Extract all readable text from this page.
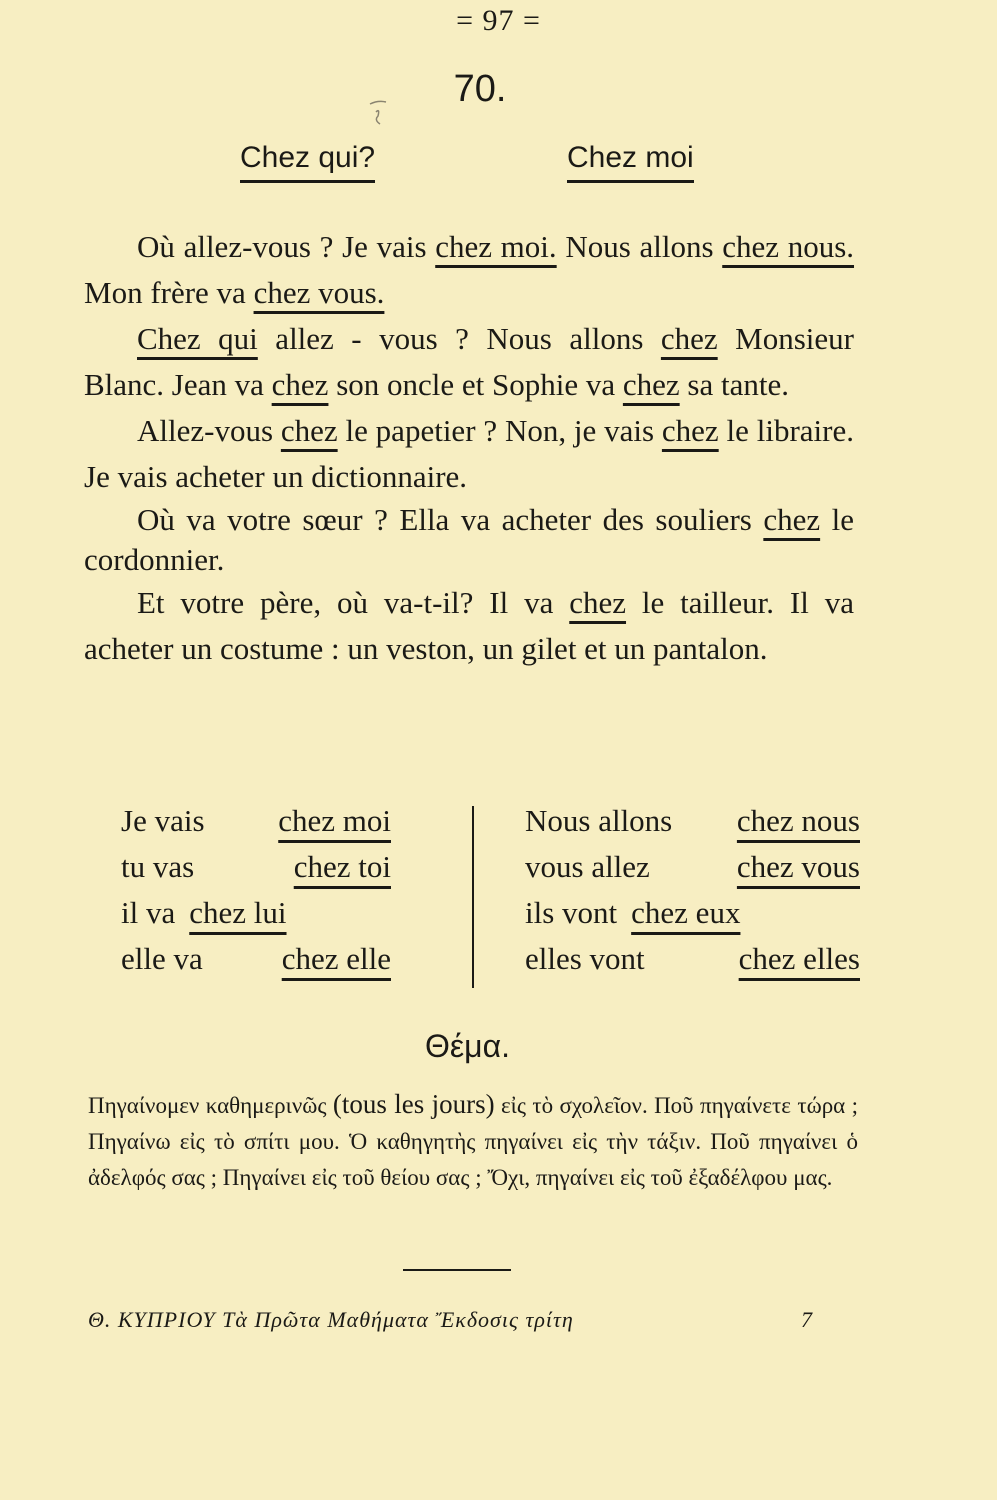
= 97 =
70.
Chez qui?	Chez moi

Où allez-vous ? Je vais chez moi. Nous allons chez nous. Mon frère va chez vous.

Chez qui allez - vous ? Nous allons chez Monsieur Blanc. Jean va chez son oncle et Sophie va chez sa tante.

Allez-vous chez le papetier ? Non, je vais chez le libraire. Je vais acheter un dictionnaire.

Où va votre sœur ? Ella va acheter des souliers chez le cordonnier.

Et votre père, où va-t-il? Il va chez le tailleur. Il va acheter un costume : un veston, un gilet et un pantalon.

Je vais chez moi
tu vas	chez toi
il va chez lui
elle va	chez elle
Nous allons chez nous
vous allez	chez vous
ils vont chez eux
elles vont	chez elles
Θέμα.
Πηγαίνομεν καθημερινῶς (tous les jours) εἰς τὸ σχολεῖον. Ποῦ πηγαίνετε τώρα ; Πηγαίνω εἰς τὸ σπίτι μου. Ὁ καθηγητὴς πηγαίνει εἰς τὴν τάξιν. Ποῦ πηγαίνει ὁ ἀδελφός σας ; Πηγαίνει εἰς τοῦ θείου σας ; Ὄχι, πηγαίνει εἰς τοῦ ἐξαδέλφου μας.
Θ. ΚΥΠΡΙΟΥ Τὰ Πρῶτα Μαθήματα Ἔκδοσις τρίτη	7
